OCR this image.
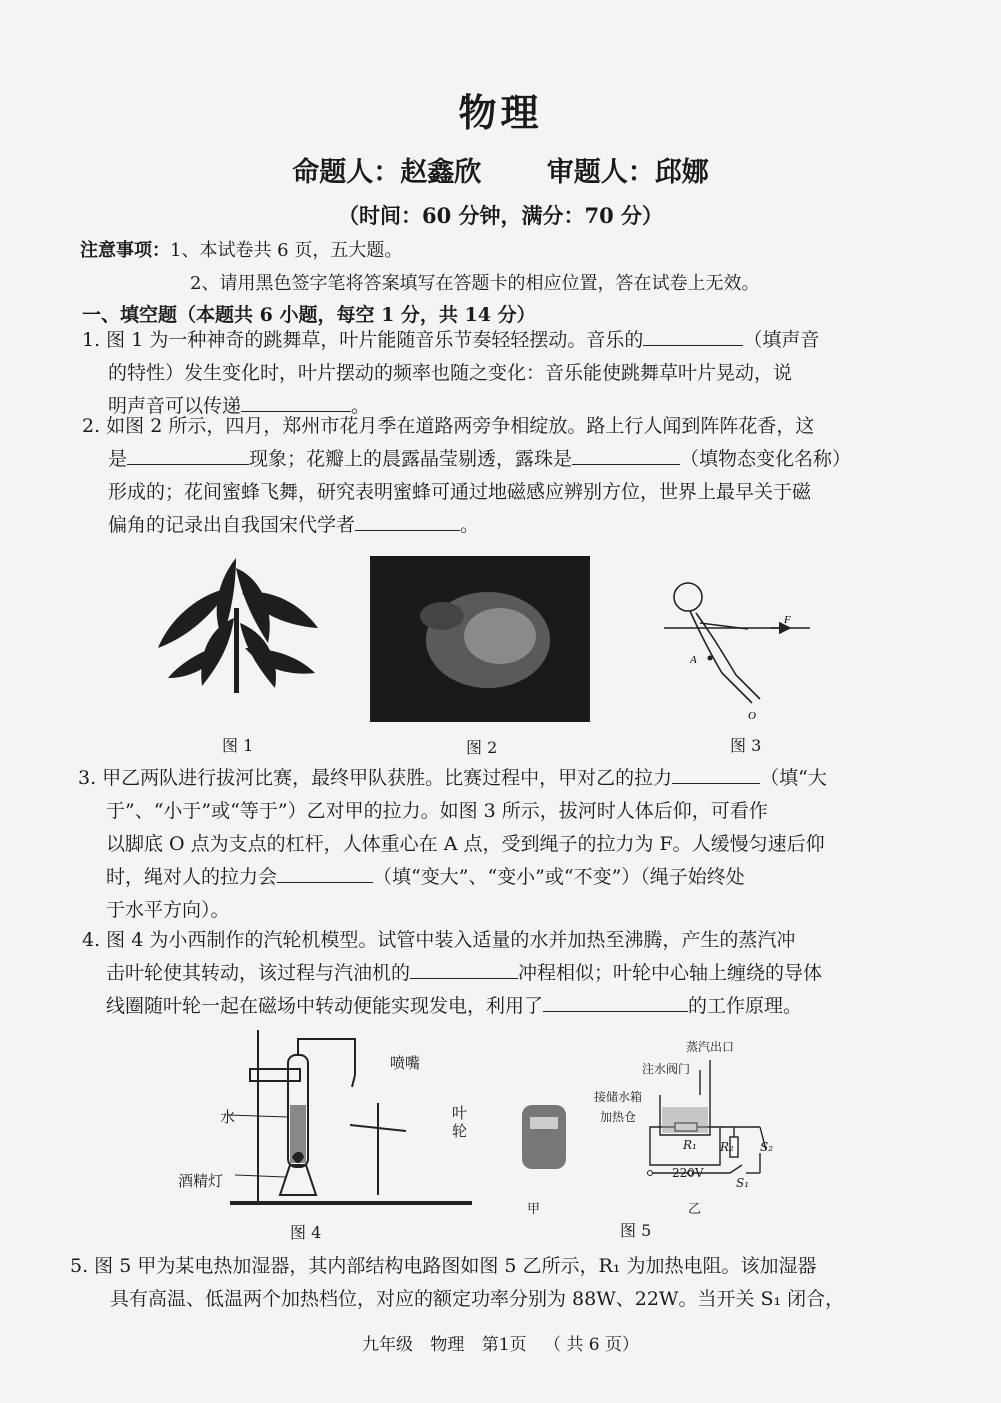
物理
命题人：赵鑫欣 审题人：邱娜
（时间：60 分钟，满分：70 分）
注意事项：1、本试卷共 6 页，五大题。
2、请用黑色签字笔将答案填写在答题卡的相应位置，答在试卷上无效。
一、填空题（本题共 6 小题，每空 1 分，共 14 分）

1. 图 1 为一种神奇的跳舞草，叶片能随音乐节奏轻轻摆动。音乐的	（填声音

的特性）发生变化时，叶片摆动的频率也随之变化：音乐能使跳舞草叶片晃动，说

明声音可以传递	。

2. 如图 2 所示，四月，郑州市花月季在道路两旁争相绽放。路上行人闻到阵阵花香，这

是	现象；花瓣上的晨露晶莹剔透，露珠是	（填物态变化名称）

形成的；花间蜜蜂飞舞，研究表明蜜蜂可通过地磁感应辨别方位，世界上最早关于磁

偏角的记录出自我国宋代学者	。

图 1	图 2
F
A
O
图 3

3. 甲乙两队进行拔河比赛，最终甲队获胜。比赛过程中，甲对乙的拉力	（填“大

于”、“小于”或“等于”）乙对甲的拉力。如图 3 所示，拔河时人体后仰，可看作

以脚底 O 点为支点的杠杆，人体重心在 A 点，受到绳子的拉力为 F。人缓慢匀速后仰

时，绳对人的拉力会	（填“变大”、“变小”或“不变”）（绳子始终处

于水平方向）。

4. 图 4 为小西制作的汽轮机模型。试管中装入适量的水并加热至沸腾，产生的蒸汽冲

击叶轮使其转动，该过程与汽油机的	冲程相似；叶轮中心轴上缠绕的导体

线圈随叶轮一起在磁场中转动便能实现发电，利用了	的工作原理。

喷嘴
水	叶轮
酒精灯
图 4
甲
蒸汽出口
注水阀门
接储水箱
加热仓
R₁ R₂ S₂
220V
S₁
乙
图 5

5. 图 5 甲为某电热加湿器，其内部结构电路图如图 5 乙所示，R₁ 为加热电阻。该加湿器

具有高温、低温两个加热档位，对应的额定功率分别为 88W、22W。当开关 S₁ 闭合，

九年级 物理 第1页 （ 共 6 页）
